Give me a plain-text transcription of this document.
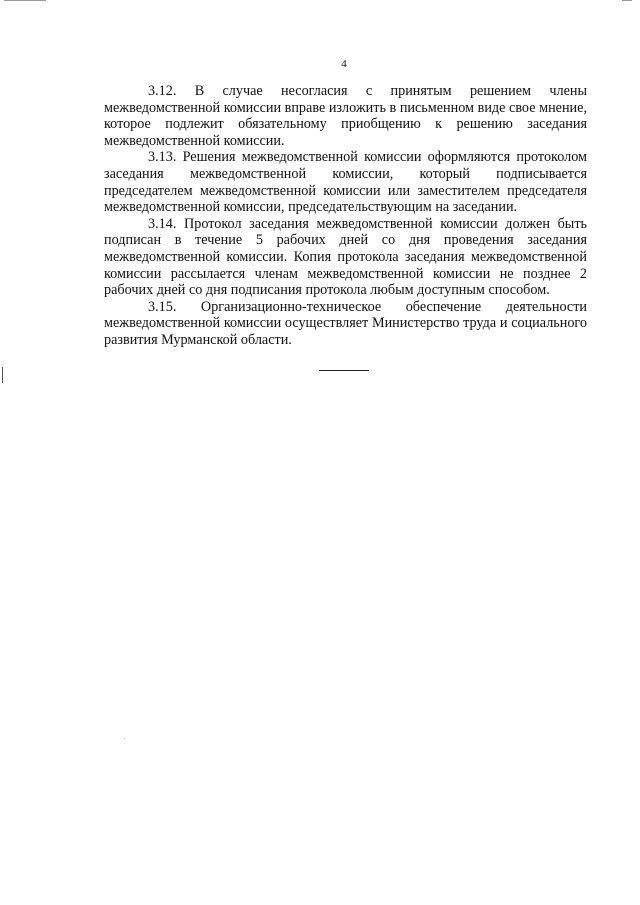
4

3.12. В случае несогласия с принятым решением члены межведомственной комиссии вправе изложить в письменном виде свое мнение, которое подлежит обязательному приобщению к решению заседания межведомственной комиссии.

3.13. Решения межведомственной комиссии оформляются протоколом заседания межведомственной комиссии, который подписывается председателем межведомственной комиссии или заместителем председателя межведомственной комиссии, председательствующим на заседании.

3.14. Протокол заседания межведомственной комиссии должен быть подписан в течение 5 рабочих дней со дня проведения заседания межведомственной комиссии. Копия протокола заседания межведомственной комиссии рассылается членам межведомственной комиссии не позднее 2 рабочих дней со дня подписания протокола любым доступным способом.

3.15. Организационно-техническое обеспечение деятельности межведомственной комиссии осуществляет Министерство труда и социального развития Мурманской области.
